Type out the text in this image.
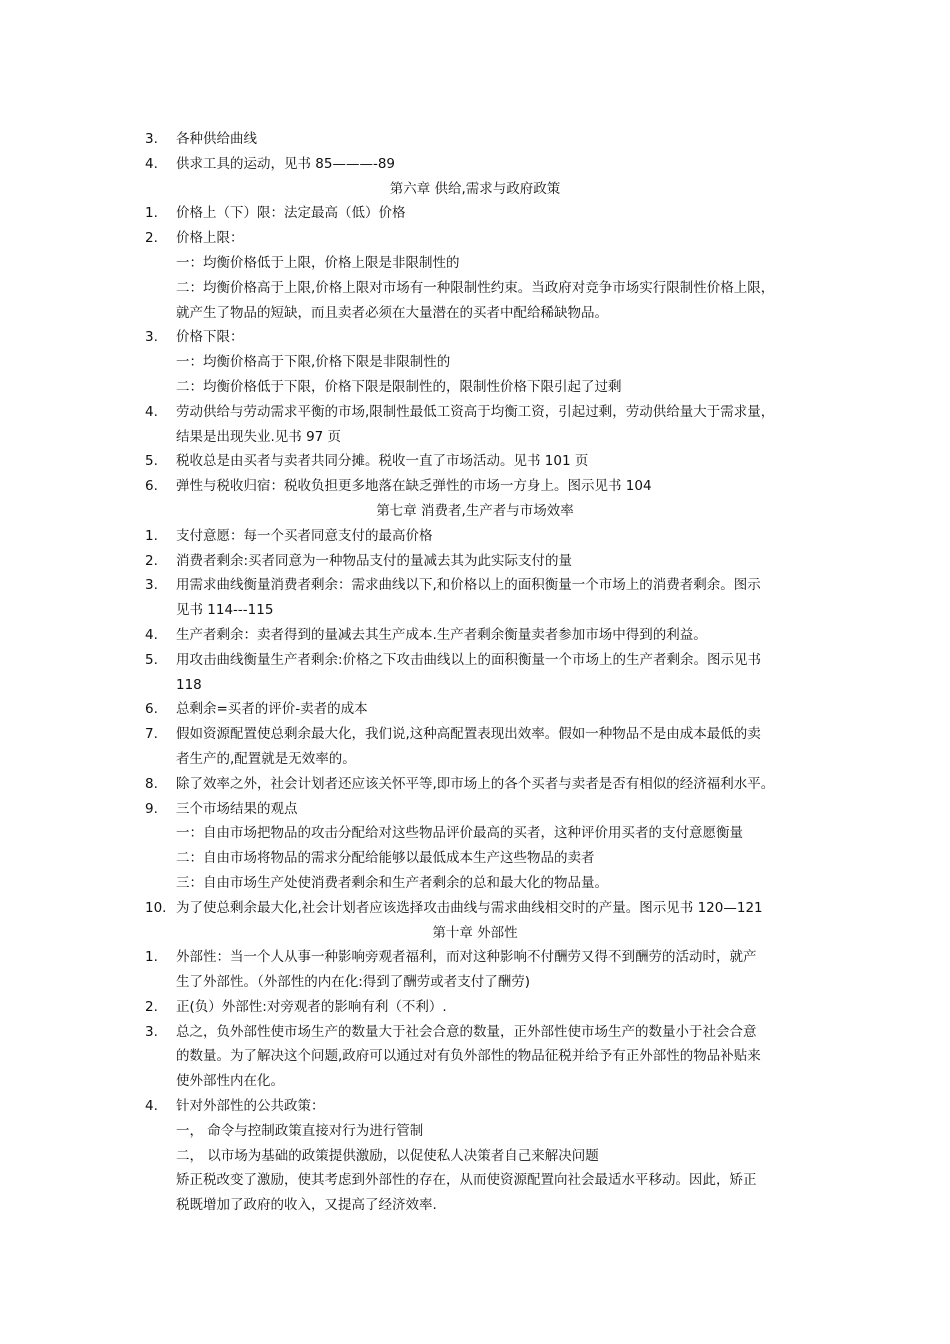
3. 各种供给曲线
4. 供求工具的运动，见书 85———-89
第六章 供给,需求与政府政策
1. 价格上（下）限：法定最高（低）价格
2. 价格上限：
一：均衡价格低于上限，价格上限是非限制性的
二：均衡价格高于上限,价格上限对市场有一种限制性约束。当政府对竞争市场实行限制性价格上限，
就产生了物品的短缺，而且卖者必须在大量潜在的买者中配给稀缺物品。
3. 价格下限：
一：均衡价格高于下限,价格下限是非限制性的
二：均衡价格低于下限，价格下限是限制性的，限制性价格下限引起了过剩
4. 劳动供给与劳动需求平衡的市场,限制性最低工资高于均衡工资，引起过剩，劳动供给量大于需求量，
结果是出现失业.见书 97 页
5. 税收总是由买者与卖者共同分摊。税收一直了市场活动。见书 101 页
6. 弹性与税收归宿：税收负担更多地落在缺乏弹性的市场一方身上。图示见书 104
第七章 消费者,生产者与市场效率
1. 支付意愿：每一个买者同意支付的最高价格
2. 消费者剩余:买者同意为一种物品支付的量减去其为此实际支付的量
3. 用需求曲线衡量消费者剩余：需求曲线以下,和价格以上的面积衡量一个市场上的消费者剩余。图示
见书 114---115
4. 生产者剩余：卖者得到的量减去其生产成本.生产者剩余衡量卖者参加市场中得到的利益。
5. 用攻击曲线衡量生产者剩余:价格之下攻击曲线以上的面积衡量一个市场上的生产者剩余。图示见书
118
6. 总剩余=买者的评价-卖者的成本
7. 假如资源配置使总剩余最大化，我们说,这种高配置表现出效率。假如一种物品不是由成本最低的卖
者生产的,配置就是无效率的。
8. 除了效率之外，社会计划者还应该关怀平等,即市场上的各个买者与卖者是否有相似的经济福利水平。
9. 三个市场结果的观点
一：自由市场把物品的攻击分配给对这些物品评价最高的买者，这种评价用买者的支付意愿衡量
二：自由市场将物品的需求分配给能够以最低成本生产这些物品的卖者
三：自由市场生产处使消费者剩余和生产者剩余的总和最大化的物品量。
10. 为了使总剩余最大化,社会计划者应该选择攻击曲线与需求曲线相交时的产量。图示见书 120—121
第十章 外部性
1. 外部性：当一个人从事一种影响旁观者福利，而对这种影响不付酬劳又得不到酬劳的活动时，就产
生了外部性。（外部性的内在化:得到了酬劳或者支付了酬劳)
2. 正(负）外部性:对旁观者的影响有利（不利）.
3. 总之，负外部性使市场生产的数量大于社会合意的数量，正外部性使市场生产的数量小于社会合意
的数量。为了解决这个问题,政府可以通过对有负外部性的物品征税并给予有正外部性的物品补贴来
使外部性内在化。
4. 针对外部性的公共政策：
一， 命令与控制政策直接对行为进行管制
二， 以市场为基础的政策提供激励，以促使私人决策者自己来解决问题
矫正税改变了激励，使其考虑到外部性的存在，从而使资源配置向社会最适水平移动。因此，矫正
税既增加了政府的收入，又提高了经济效率.
